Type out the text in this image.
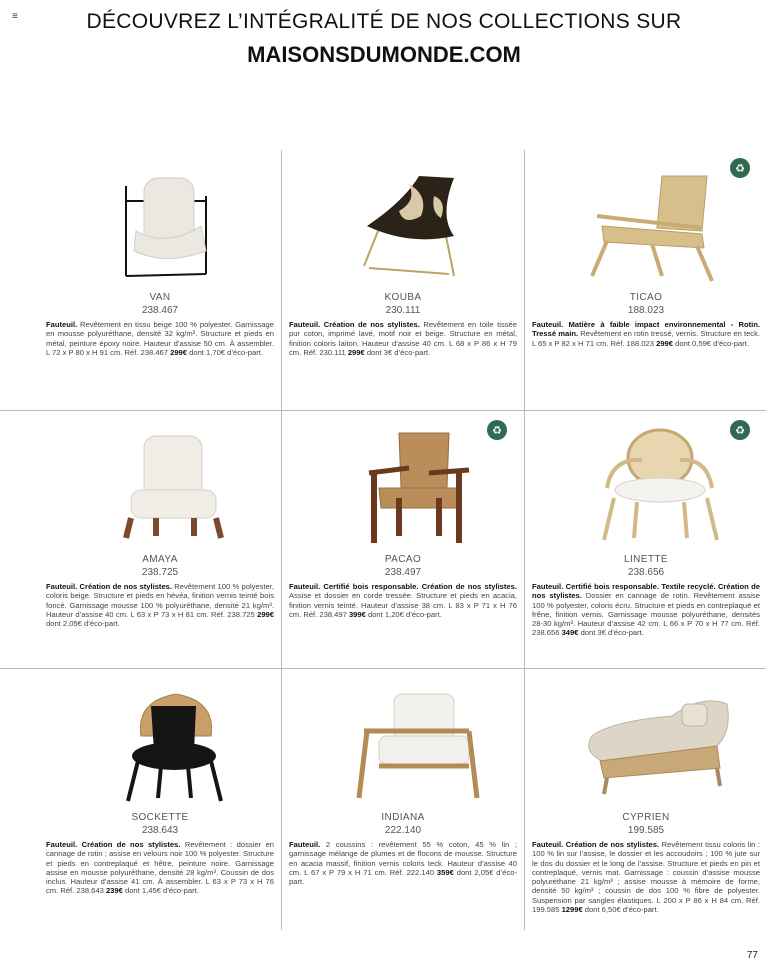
≡	DÉCOUVREZ L’INTÉGRALITÉ DE NOS COLLECTIONS SUR
MAISONSDUMONDE.COM
VAN
238.467
Fauteuil. Revêtement en tissu beige 100 % polyester. Garnissage en mousse polyuréthane, densité 32 kg/m³. Structure et pieds en métal, peinture époxy noire. Hauteur d’assise 50 cm. À assembler. L 72 x P 80 x H 91 cm. Réf. 238.467 299€ dont 1,70€ d’éco-part.
KOUBA
230.111
Fauteuil. Création de nos stylistes. Revêtement en toile tissée pur coton, imprimé lavé, motif noir et beige. Structure en métal, finition coloris laiton. Hauteur d’assise 40 cm. L 68 x P 86 x H 79 cm. Réf. 230.111 299€ dont 3€ d’éco-part.
♻
TICAO
188.023
Fauteuil. Matière à faible impact environnemental - Rotin. Tressé main. Revêtement en rotin tressé, vernis. Structure en teck. L 65 x P 82 x H 71 cm. Réf. 188.023 299€ dont 0,59€ d’éco-part.
AMAYA
238.725
Fauteuil. Création de nos stylistes. Revêtement 100 % polyester, coloris beige. Structure et pieds en hévéa, finition vernis teinté bois foncé. Garnissage mousse 100 % polyuréthane, densité 21 kg/m³. Hauteur d’assise 40 cm. L 63 x P 73 x H 81 cm. Réf. 238.725 299€ dont 2,05€ d’éco-part.
♻
PACAO
238.497
Fauteuil. Certifié bois responsable. Création de nos stylistes. Assise et dossier en corde tressée. Structure et pieds en acacia, finition vernis teinté. Hauteur d’assise 38 cm. L 83 x P 71 x H 76 cm. Réf. 238.497 399€ dont 1,20€ d’éco-part.
♻
LINETTE
238.656
Fauteuil. Certifié bois responsable. Textile recyclé. Création de nos stylistes. Dossier en cannage de rotin. Revêtement assise 100 % polyester, coloris écru. Structure et pieds en contreplaqué et frêne, finition vernis. Garnissage mousse polyuréthane, densités 28-30 kg/m³. Hauteur d’assise 42 cm. L 66 x P 70 x H 77 cm. Réf. 238.656 349€ dont 3€ d’éco-part.
SOCKETTE
238.643
Fauteuil. Création de nos stylistes. Revêtement : dossier en cannage de rotin ; assise en velours noir 100 % polyester. Structure et pieds en contreplaqué et hêtre, peinture noire. Garnissage assise en mousse polyuréthane, densité 28 kg/m³. Coussin de dos inclus. Hauteur d’assise 41 cm. À assembler. L 63 x P 73 x H 76 cm. Réf. 238.643 239€ dont 1,45€ d’éco-part.
INDIANA
222.140
Fauteuil. 2 coussins : revêtement 55 % coton, 45 % lin ; garnissage mélange de plumes et de flocons de mousse. Structure en acacia massif, finition vernis coloris teck. Hauteur d’assise 40 cm. L 67 x P 79 x H 71 cm. Réf. 222.140 359€ dont 2,05€ d’éco-part.
CYPRIEN
199.585
Fauteuil. Création de nos stylistes. Revêtement tissu coloris lin : 100 % lin sur l’assise, le dossier et les accoudoirs ; 100 % jute sur le dos du dossier et le long de l’assise. Structure et pieds en pin et contreplaqué, vernis mat. Garnissage : coussin d’assise mousse polyuréthane 21 kg/m³ ; assise mousse à mémoire de forme, densité 50 kg/m³ ; coussin de dos 100 % fibre de polyester. Suspension par sangles élastiques. L 200 x P 86 x H 84 cm. Réf. 199.585 1299€ dont 6,50€ d’éco-part.
77
